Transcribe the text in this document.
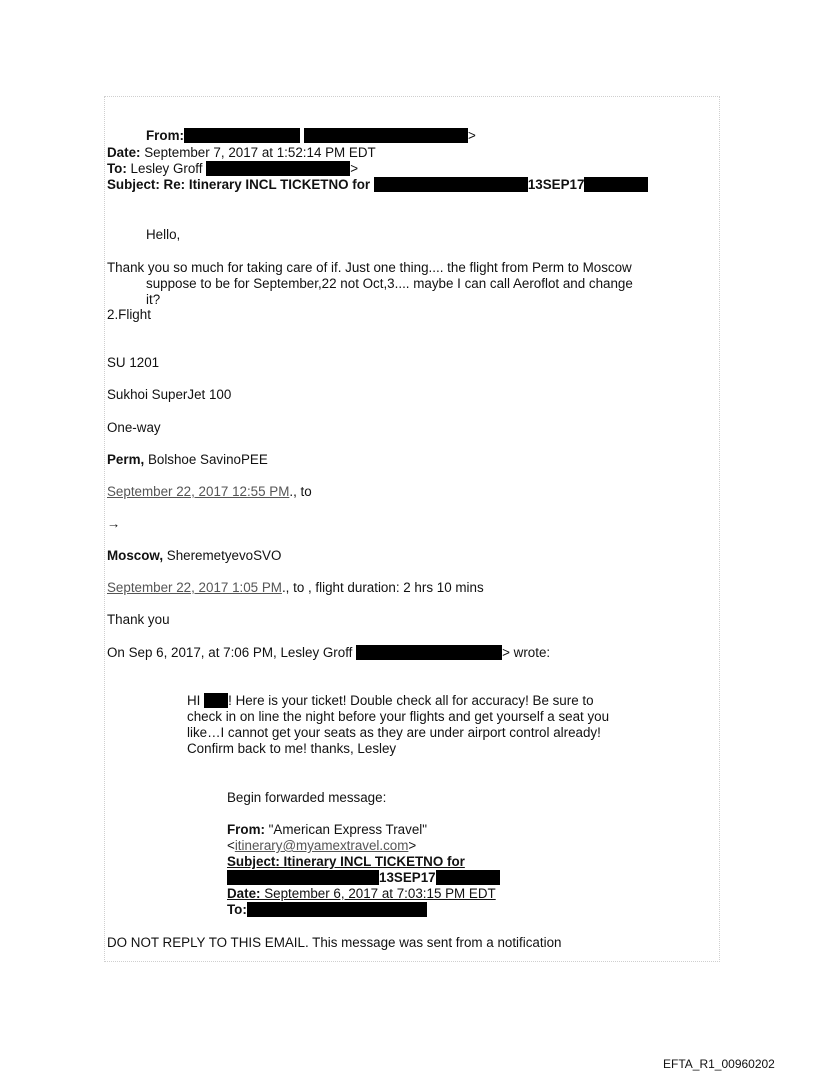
From:	>
Date: September 7, 2017 at 1:52:14 PM EDT
To: Lesley Groff	>
Subject: Re: Itinerary INCL TICKETNO for	13SEP17
Hello,
Thank you so much for taking care of if. Just one thing.... the flight from Perm to Moscow
suppose to be for September,22 not Oct,3.... maybe I can call Aeroflot and change
it?
2.Flight
SU 1201
Sukhoi SuperJet 100
One-way
Perm, Bolshoe SavinoPEE
September 22, 2017 12:55 PM., to
→
Moscow, SheremetyevoSVO
September 22, 2017 1:05 PM., to , flight duration: 2 hrs 10 mins
Thank you
On Sep 6, 2017, at 7:06 PM, Lesley Groff	> wrote:
HI ! Here is your ticket! Double check all for accuracy! Be sure to
check in on line the night before your flights and get yourself a seat you
like…I cannot get your seats as they are under airport control already!
Confirm back to me! thanks, Lesley
Begin forwarded message:
From: "American Express Travel"
<itinerary@myamextravel.com>
Subject: Itinerary INCL TICKETNO for
13SEP17
Date: September 6, 2017 at 7:03:15 PM EDT
To:
DO NOT REPLY TO THIS EMAIL. This message was sent from a notification
EFTA_R1_00960202
